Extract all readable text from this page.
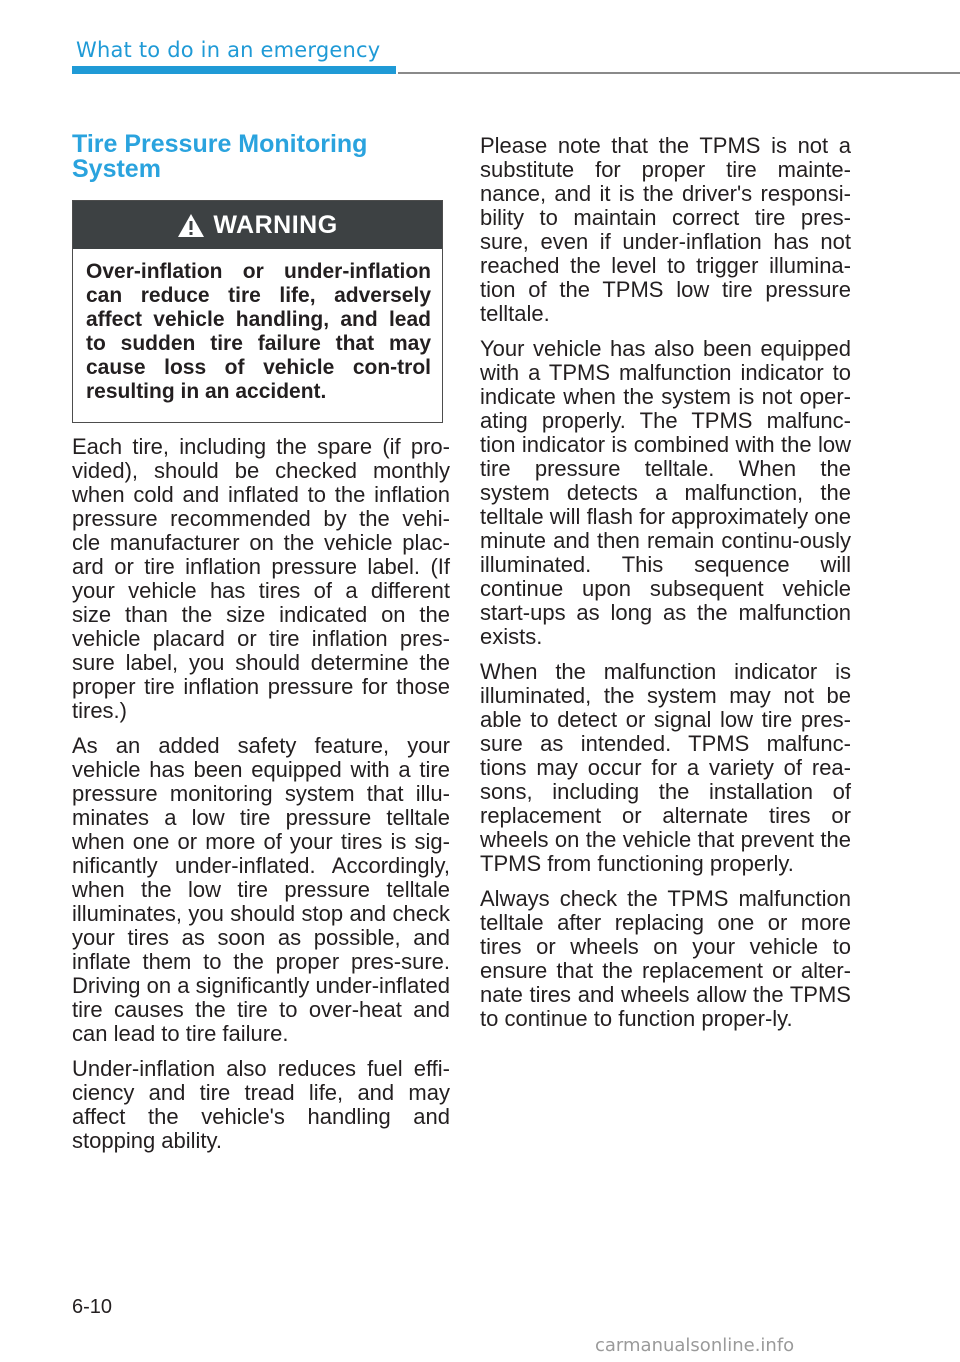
What to do in an emergency
Tire Pressure Monitoring System
WARNING
Over-inflation or under-inflation can reduce tire life, adversely affect vehicle handling, and lead to sudden tire failure that may cause loss of vehicle con-trol resulting in an accident.

Each tire, including the spare (if pro-vided), should be checked monthly when cold and inflated to the inflation pressure recommended by the vehi-cle manufacturer on the vehicle plac-ard or tire inflation pressure label. (If your vehicle has tires of a different size than the size indicated on the vehicle placard or tire inflation pres-sure label, you should determine the proper tire inflation pressure for those tires.)

As an added safety feature, your vehicle has been equipped with a tire pressure monitoring system that illu-minates a low tire pressure telltale when one or more of your tires is sig-nificantly under-inflated. Accordingly, when the low tire pressure telltale illuminates, you should stop and check your tires as soon as possible, and inflate them to the proper pres-sure. Driving on a significantly under-inflated tire causes the tire to over-heat and can lead to tire failure.

Under-inflation also reduces fuel effi-ciency and tire tread life, and may affect the vehicle's handling and stopping ability.

Please note that the TPMS is not a substitute for proper tire mainte-nance, and it is the driver's responsi-bility to maintain correct tire pres-sure, even if under-inflation has not reached the level to trigger illumina-tion of the TPMS low tire pressure telltale.

Your vehicle has also been equipped with a TPMS malfunction indicator to indicate when the system is not oper-ating properly. The TPMS malfunc-tion indicator is combined with the low tire pressure telltale. When the system detects a malfunction, the telltale will flash for approximately one minute and then remain continu-ously illuminated. This sequence will continue upon subsequent vehicle start-ups as long as the malfunction exists.

When the malfunction indicator is illuminated, the system may not be able to detect or signal low tire pres-sure as intended. TPMS malfunc-tions may occur for a variety of rea-sons, including the installation of replacement or alternate tires or wheels on the vehicle that prevent the TPMS from functioning properly.

Always check the TPMS malfunction telltale after replacing one or more tires or wheels on your vehicle to ensure that the replacement or alter-nate tires and wheels allow the TPMS to continue to function proper-ly.

6-10
carmanualsonline.info
